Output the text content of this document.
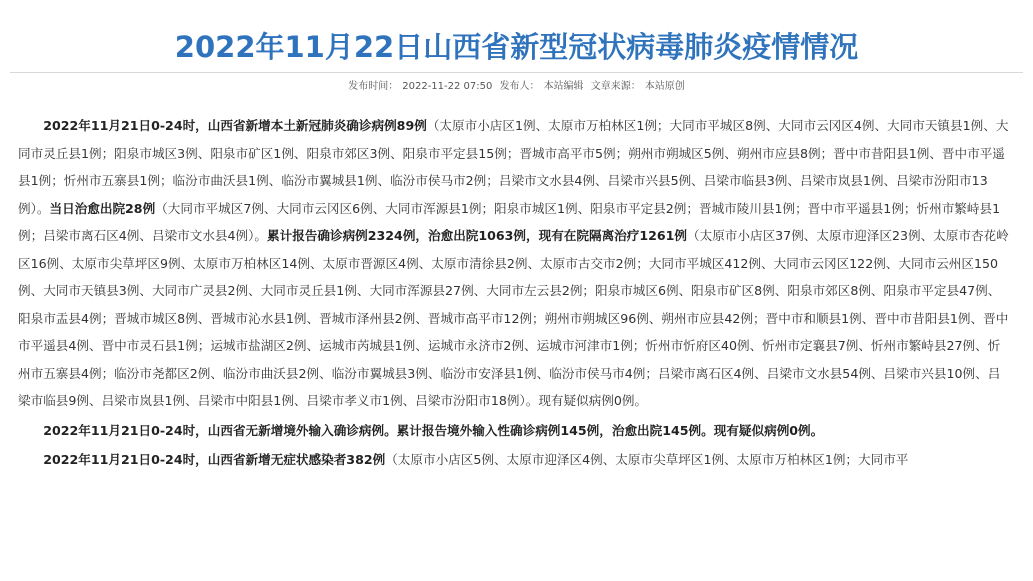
2022年11月22日山西省新型冠状病毒肺炎疫情情况
发布时间： 2022-11-22 07:50 发布人： 本站编辑 文章来源： 本站原创

2022年11月21日0-24时，山西省新增本土新冠肺炎确诊病例89例（太原市小店区1例、太原市万柏林区1例；大同市平城区8例、大同市云冈区4例、大同市天镇县1例、大同市灵丘县1例；阳泉市城区3例、阳泉市矿区1例、阳泉市郊区3例、阳泉市平定县15例；晋城市高平市5例；朔州市朔城区5例、朔州市应县8例；晋中市昔阳县1例、晋中市平遥县1例；忻州市五寨县1例；临汾市曲沃县1例、临汾市翼城县1例、临汾市侯马市2例；吕梁市文水县4例、吕梁市兴县5例、吕梁市临县3例、吕梁市岚县1例、吕梁市汾阳市13例）。当日治愈出院28例（大同市平城区7例、大同市云冈区6例、大同市浑源县1例；阳泉市城区1例、阳泉市平定县2例；晋城市陵川县1例；晋中市平遥县1例；忻州市繁峙县1例；吕梁市离石区4例、吕梁市文水县4例）。累计报告确诊病例2324例，治愈出院1063例，现有在院隔离治疗1261例（太原市小店区37例、太原市迎泽区23例、太原市杏花岭区16例、太原市尖草坪区9例、太原市万柏林区14例、太原市晋源区4例、太原市清徐县2例、太原市古交市2例；大同市平城区412例、大同市云冈区122例、大同市云州区150例、大同市天镇县3例、大同市广灵县2例、大同市灵丘县1例、大同市浑源县27例、大同市左云县2例；阳泉市城区6例、阳泉市矿区8例、阳泉市郊区8例、阳泉市平定县47例、阳泉市盂县4例；晋城市城区8例、晋城市沁水县1例、晋城市泽州县2例、晋城市高平市12例；朔州市朔城区96例、朔州市应县42例；晋中市和顺县1例、晋中市昔阳县1例、晋中市平遥县4例、晋中市灵石县1例；运城市盐湖区2例、运城市芮城县1例、运城市永济市2例、运城市河津市1例；忻州市忻府区40例、忻州市定襄县7例、忻州市繁峙县27例、忻州市五寨县4例；临汾市尧都区2例、临汾市曲沃县2例、临汾市翼城县3例、临汾市安泽县1例、临汾市侯马市4例；吕梁市离石区4例、吕梁市文水县54例、吕梁市兴县10例、吕梁市临县9例、吕梁市岚县1例、吕梁市中阳县1例、吕梁市孝义市1例、吕梁市汾阳市18例）。现有疑似病例0例。

2022年11月21日0-24时，山西省无新增境外输入确诊病例。累计报告境外输入性确诊病例145例，治愈出院145例。现有疑似病例0例。

2022年11月21日0-24时，山西省新增无症状感染者382例（太原市小店区5例、太原市迎泽区4例、太原市尖草坪区1例、太原市万柏林区1例；大同市平
